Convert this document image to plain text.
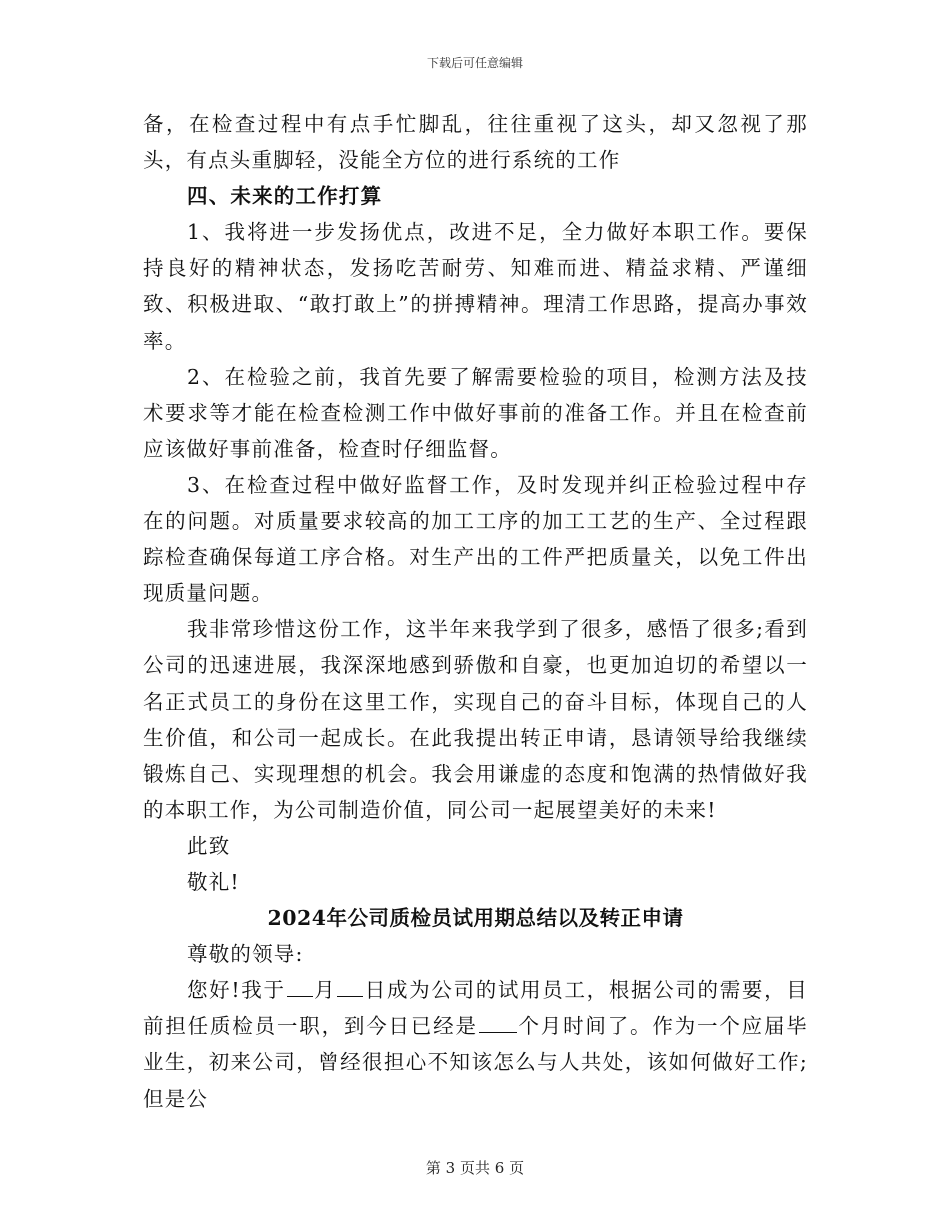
下载后可任意编辑

备，在检查过程中有点手忙脚乱，往往重视了这头，却又忽视了那头，有点头重脚轻，没能全方位的进行系统的工作

四、未来的工作打算

1、我将进一步发扬优点，改进不足，全力做好本职工作。要保持良好的精神状态，发扬吃苦耐劳、知难而进、精益求精、严谨细致、积极进取、“敢打敢上”的拼搏精神。理清工作思路，提高办事效率。

2、在检验之前，我首先要了解需要检验的项目，检测方法及技术要求等才能在检查检测工作中做好事前的准备工作。并且在检查前应该做好事前准备，检查时仔细监督。

3、在检查过程中做好监督工作，及时发现并纠正检验过程中存在的问题。对质量要求较高的加工工序的加工工艺的生产、全过程跟踪检查确保每道工序合格。对生产出的工件严把质量关，以免工件出现质量问题。

我非常珍惜这份工作，这半年来我学到了很多，感悟了很多;看到公司的迅速进展，我深深地感到骄傲和自豪，也更加迫切的希望以一名正式员工的身份在这里工作，实现自己的奋斗目标，体现自己的人生价值，和公司一起成长。在此我提出转正申请，恳请领导给我继续锻炼自己、实现理想的机会。我会用谦虚的态度和饱满的热情做好我的本职工作，为公司制造价值，同公司一起展望美好的未来!

此致

敬礼!

2024年公司质检员试用期总结以及转正申请

尊敬的领导:

您好!我于 月 日成为公司的试用员工，根据公司的需要，目前担任质检员一职，到今日已经是 个月时间了。作为一个应届毕业生，初来公司，曾经很担心不知该怎么与人共处，该如何做好工作;但是公

第 3 页共 6 页
